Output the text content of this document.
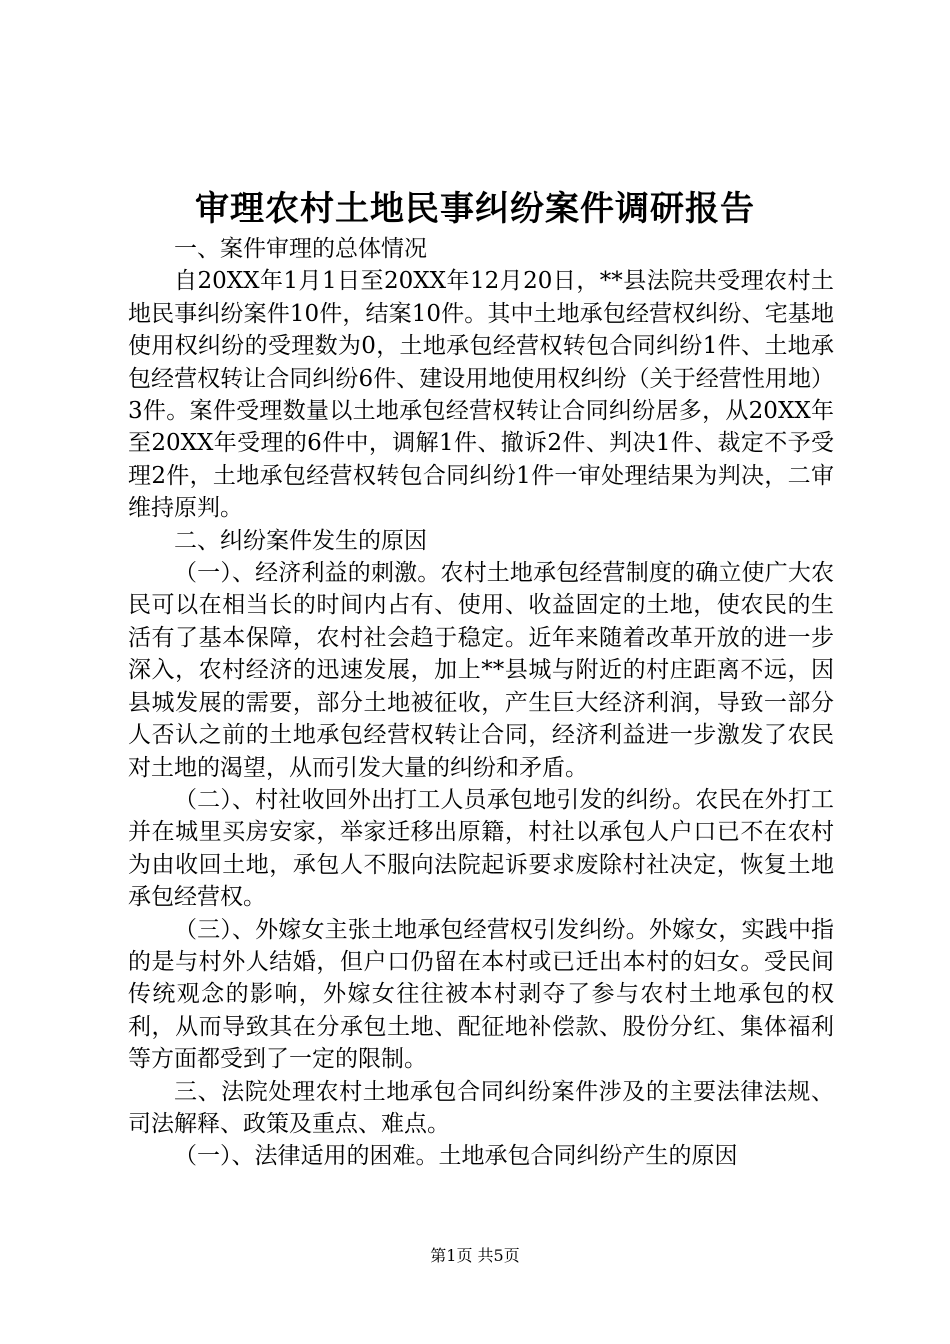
审理农村土地民事纠纷案件调研报告

一、案件审理的总体情况

自20XX年1月1日至20XX年12月20日，**县法院共受理农村土地民事纠纷案件10件，结案10件。其中土地承包经营权纠纷、宅基地使用权纠纷的受理数为0，土地承包经营权转包合同纠纷1件、土地承包经营权转让合同纠纷6件、建设用地使用权纠纷（关于经营性用地）3件。案件受理数量以土地承包经营权转让合同纠纷居多，从20XX年至20XX年受理的6件中，调解1件、撤诉2件、判决1件、裁定不予受理2件，土地承包经营权转包合同纠纷1件一审处理结果为判决，二审维持原判。

二、纠纷案件发生的原因

（一）、经济利益的刺激。农村土地承包经营制度的确立使广大农民可以在相当长的时间内占有、使用、收益固定的土地，使农民的生活有了基本保障，农村社会趋于稳定。近年来随着改革开放的进一步深入，农村经济的迅速发展，加上**县城与附近的村庄距离不远，因县城发展的需要，部分土地被征收，产生巨大经济利润，导致一部分人否认之前的土地承包经营权转让合同，经济利益进一步激发了农民对土地的渴望，从而引发大量的纠纷和矛盾。

（二）、村社收回外出打工人员承包地引发的纠纷。农民在外打工并在城里买房安家，举家迁移出原籍，村社以承包人户口已不在农村为由收回土地，承包人不服向法院起诉要求废除村社决定，恢复土地承包经营权。

（三）、外嫁女主张土地承包经营权引发纠纷。外嫁女，实践中指的是与村外人结婚，但户口仍留在本村或已迁出本村的妇女。受民间传统观念的影响，外嫁女往往被本村剥夺了参与农村土地承包的权利，从而导致其在分承包土地、配征地补偿款、股份分红、集体福利等方面都受到了一定的限制。

三、法院处理农村土地承包合同纠纷案件涉及的主要法律法规、司法解释、政策及重点、难点。

（一）、法律适用的困难。土地承包合同纠纷产生的原因

第1页 共5页
